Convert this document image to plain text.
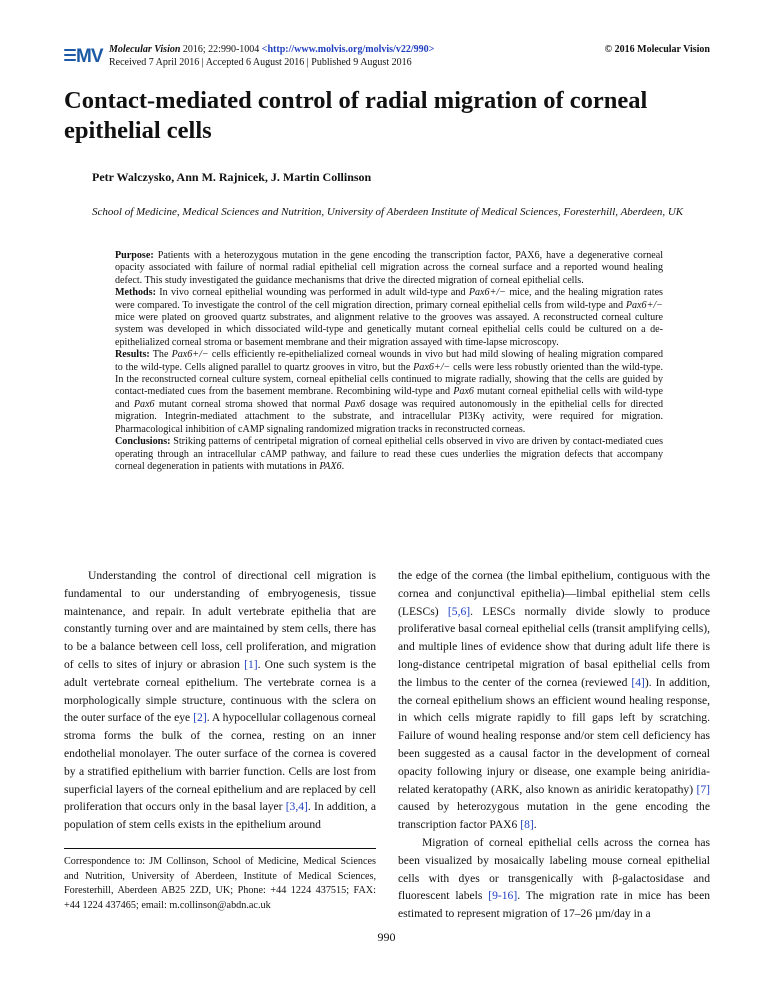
MV Molecular Vision 2016; 22:990-1004 <http://www.molvis.org/molvis/v22/990>
Received 7 April 2016 | Accepted 6 August 2016 | Published 9 August 2016
© 2016 Molecular Vision
Contact-mediated control of radial migration of corneal epithelial cells
Petr Walczysko, Ann M. Rajnicek, J. Martin Collinson
School of Medicine, Medical Sciences and Nutrition, University of Aberdeen Institute of Medical Sciences, Foresterhill, Aberdeen, UK

Purpose: Patients with a heterozygous mutation in the gene encoding the transcription factor, PAX6, have a degenerative corneal opacity associated with failure of normal radial epithelial cell migration across the corneal surface and a reported wound healing defect. This study investigated the guidance mechanisms that drive the directed migration of corneal epithelial cells.

Methods: In vivo corneal epithelial wounding was performed in adult wild-type and Pax6+/− mice, and the healing migration rates were compared. To investigate the control of the cell migration direction, primary corneal epithelial cells from wild-type and Pax6+/− mice were plated on grooved quartz substrates, and alignment relative to the grooves was assayed. A reconstructed corneal culture system was developed in which dissociated wild-type and genetically mutant corneal epithelial cells could be cultured on a de-epithelialized corneal stroma or basement membrane and their migration assayed with time-lapse microscopy.

Results: The Pax6+/− cells efficiently re-epithelialized corneal wounds in vivo but had mild slowing of healing migration compared to the wild-type. Cells aligned parallel to quartz grooves in vitro, but the Pax6+/− cells were less robustly oriented than the wild-type. In the reconstructed corneal culture system, corneal epithelial cells continued to migrate radially, showing that the cells are guided by contact-mediated cues from the basement membrane. Recombining wild-type and Pax6 mutant corneal epithelial cells with wild-type and Pax6 mutant corneal stroma showed that normal Pax6 dosage was required autonomously in the epithelial cells for directed migration. Integrin-mediated attachment to the substrate, and intracellular PI3Kγ activity, were required for migration. Pharmacological inhibition of cAMP signaling randomized migration tracks in reconstructed corneas.

Conclusions: Striking patterns of centripetal migration of corneal epithelial cells observed in vivo are driven by contact-mediated cues operating through an intracellular cAMP pathway, and failure to read these cues underlies the migration defects that accompany corneal degeneration in patients with mutations in PAX6.

Understanding the control of directional cell migration is fundamental to our understanding of embryogenesis, tissue maintenance, and repair. In adult vertebrate epithelia that are constantly turning over and are maintained by stem cells, there has to be a balance between cell loss, cell proliferation, and migration of cells to sites of injury or abrasion [1]. One such system is the adult vertebrate corneal epithelium. The vertebrate cornea is a morphologically simple structure, continuous with the sclera on the outer surface of the eye [2]. A hypocellular collagenous corneal stroma forms the bulk of the cornea, resting on an inner endothelial monolayer. The outer surface of the cornea is covered by a stratified epithelium with barrier function. Cells are lost from superficial layers of the corneal epithelium and are replaced by cell proliferation that occurs only in the basal layer [3,4]. In addition, a population of stem cells exists in the epithelium around

the edge of the cornea (the limbal epithelium, contiguous with the cornea and conjunctival epithelia)—limbal epithelial stem cells (LESCs) [5,6]. LESCs normally divide slowly to produce proliferative basal corneal epithelial cells (transit amplifying cells), and multiple lines of evidence show that during adult life there is long-distance centripetal migration of basal epithelial cells from the limbus to the center of the cornea (reviewed [4]). In addition, the corneal epithelium shows an efficient wound healing response, in which cells migrate rapidly to fill gaps left by scratching. Failure of wound healing response and/or stem cell deficiency has been suggested as a causal factor in the development of corneal opacity following injury or disease, one example being aniridia-related keratopathy (ARK, also known as aniridic keratopathy) [7] caused by heterozygous mutation in the gene encoding the transcription factor PAX6 [8].

Migration of corneal epithelial cells across the cornea has been visualized by mosaically labeling mouse corneal epithelial cells with dyes or transgenically with β-galactosidase and fluorescent labels [9-16]. The migration rate in mice has been estimated to represent migration of 17–26 µm/day in a

Correspondence to: JM Collinson, School of Medicine, Medical Sciences and Nutrition, University of Aberdeen, Institute of Medical Sciences, Foresterhill, Aberdeen AB25 2ZD, UK; Phone: +44 1224 437515; FAX: +44 1224 437465; email: m.collinson@abdn.ac.uk
990
